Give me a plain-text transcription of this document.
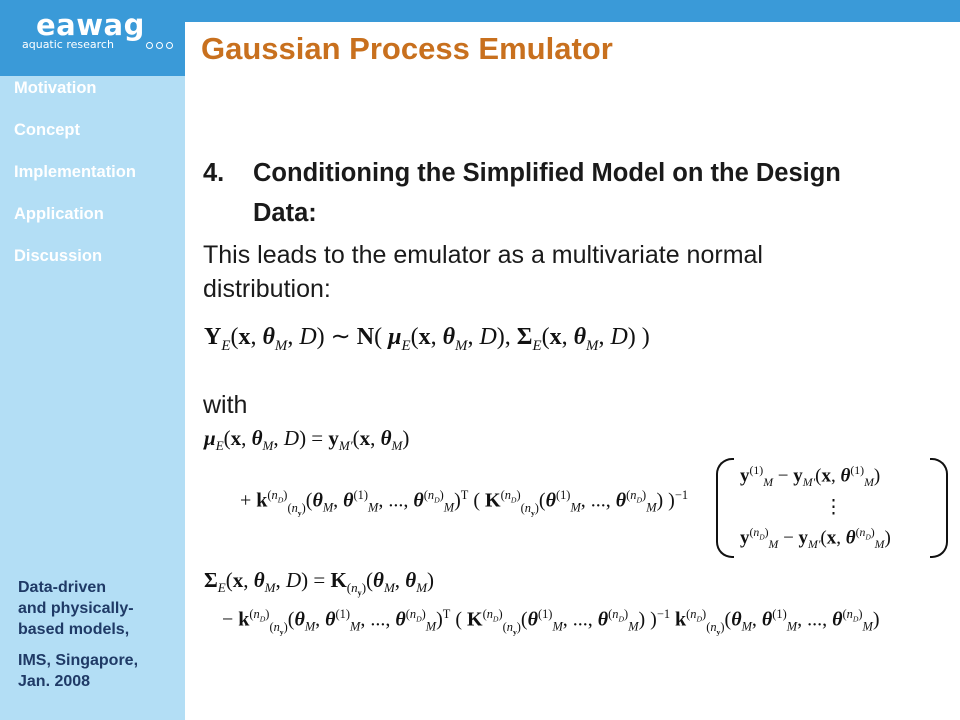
eawag
aquatic research
Motivation
Concept
Implementation
Application
Discussion

Data-driven
and physically-
based models,

IMS, Singapore,
Jan. 2008

Gaussian Process Emulator
4.	Conditioning the Simplified Model on the Design Data:

This leads to the emulator as a multivariate normal distribution:

$Y_E(x$, $\theta_M$, D) ∼ N( $\mu_E(x$, $\theta_M$, D), $\Sigma_E(x$, $\theta_M$, D) )

with

$\mu_E(x$, $\theta_M$, $D) = y_{M'}(x$, $\theta_M$)
+ $k^{(n_D)}_{(n_y)}(\theta_M$, $\theta^{(1)}_M$, ..., $\theta^{(n_D)}_M)^T$ ( $K^{(n_D)}_{(n_y)}(\theta^{(1)}_M$, ..., $\theta^{(n_D)}_M$) )$^{-1}$
$y^{(1)}_M - y_{M'}(x$, $\theta^{(1)}_M$)
⋮
$y^{(n_D)}_M - y_{M'}(x$, $\theta^{(n_D)}_M$)
$\Sigma_E(x$, $\theta_M$, $D) = K_{(n_y)}(\theta_M$, $\theta_M$)
− $k^{(n_D)}_{(n_y)}(\theta_M$, $\theta^{(1)}_M$, ..., $\theta^{(n_D)}_M)^T$ ( $K^{(n_D)}_{(n_y)}(\theta^{(1)}_M$, ..., $\theta^{(n_D)}_M$) )$^{-1}$ $k^{(n_D)}_{(n_y)}(\theta_M$, $\theta^{(1)}_M$, ..., $\theta^{(n_D)}_M$)
